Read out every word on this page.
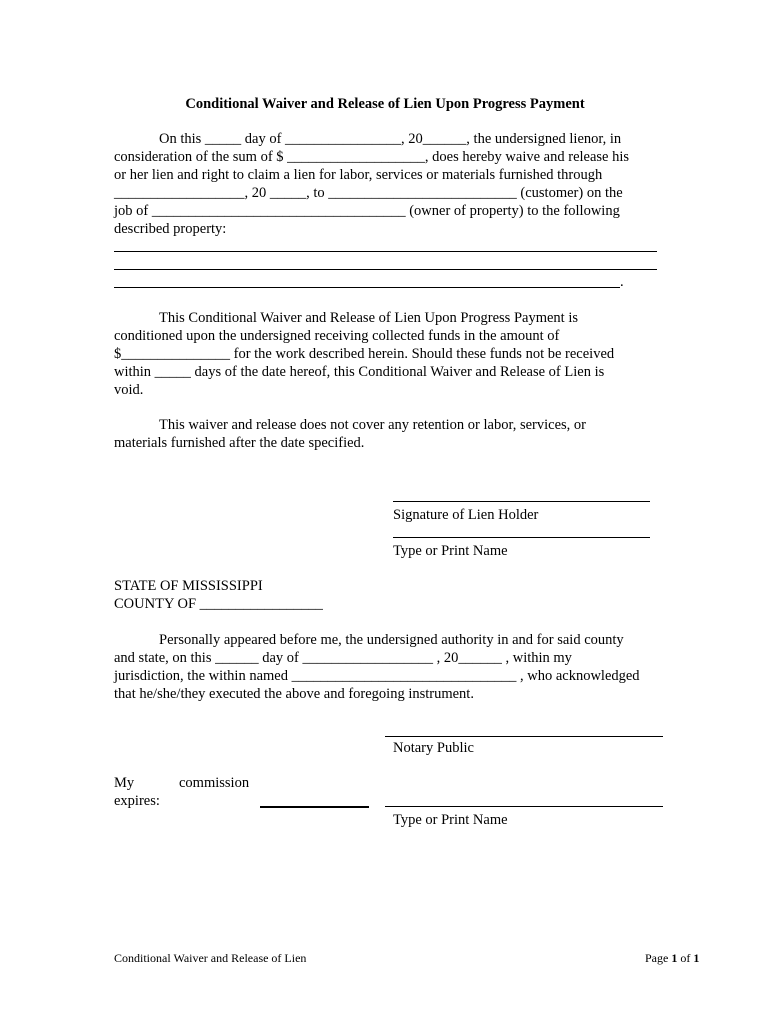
Conditional Waiver and Release of Lien Upon Progress Payment
On this _____ day of ________________, 20______, the undersigned lienor, in
consideration of the sum of $ ___________________, does hereby waive and release his
or her lien and right to claim a lien for labor, services or materials furnished through
__________________, 20 _____, to __________________________ (customer) on the
job of ___________________________________ (owner of property) to the following
described property:
.
This Conditional Waiver and Release of Lien Upon Progress Payment is
conditioned upon the undersigned receiving collected funds in the amount of
$_______________ for the work described herein. Should these funds not be received
within _____ days of the date hereof, this Conditional Waiver and Release of Lien is
void.
This waiver and release does not cover any retention or labor, services, or
materials furnished after the date specified.
Signature of Lien Holder
Type or Print Name
STATE OF MISSISSIPPI
COUNTY OF _________________
Personally appeared before me, the undersigned authority in and for said county
and state, on this ______ day of __________________ , 20______ , within my
jurisdiction, the within named _______________________________ , who acknowledged
that he/she/they executed the above and foregoing instrument.
Notary Public
My	commission
expires:
Type or Print Name
Conditional Waiver and Release of Lien	Page 1 of 1
